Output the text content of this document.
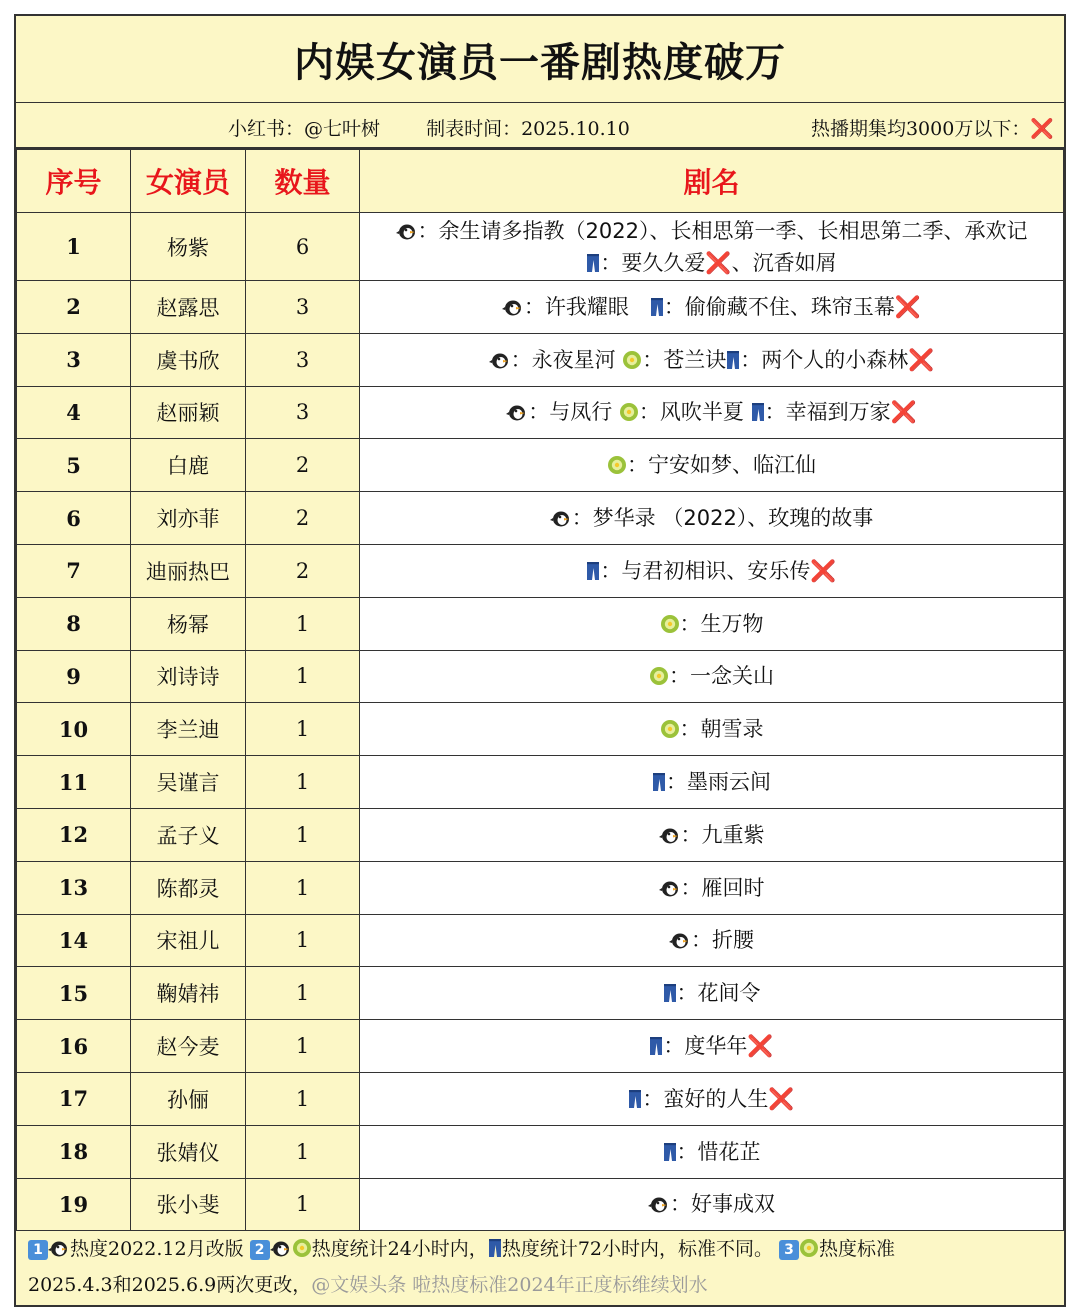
内娱女演员一番剧热度破万
小红书：@七叶树 制表时间：2025.10.10	热播期集均3000万以下：❌
序号	女演员	数量	剧名
1	杨紫	6	：余生请多指教（2022）、长相思第一季、长相思第二季、承欢记
：要久久爱❌、沉香如屑
2	赵露思	3	：许我耀眼　：偷偷藏不住、珠帘玉幕❌
3	虞书欣	3	：永夜星河 ：苍兰诀 ：两个人的小森林❌
4	赵丽颖	3	：与凤行 ：风吹半夏 ：幸福到万家❌
5	白鹿	2	：宁安如梦、临江仙
6	刘亦菲	2	：梦华录 （2022）、玫瑰的故事
7	迪丽热巴	2	：与君初相识、安乐传❌
8	杨幂	1	：生万物
9	刘诗诗	1	：一念关山
10	李兰迪	1	：朝雪录
11	吴谨言	1	：墨雨云间
12	孟子义	1	：九重紫
13	陈都灵	1	：雁回时
14	宋祖儿	1	：折腰
15	鞠婧祎	1	：花间令
16	赵今麦	1	：度华年❌
17	孙俪	1	：蛮好的人生❌
18	张婧仪	1	：惜花芷
19	张小斐	1	：好事成双
1 热度2022.12月改版 2 热度统计24小时内， 热度统计72小时内，标准不同。 3 热度标准
2025.4.3和2025.6.9两次更改，@文娱头条 啦热度标准2024年正度标维续划水
